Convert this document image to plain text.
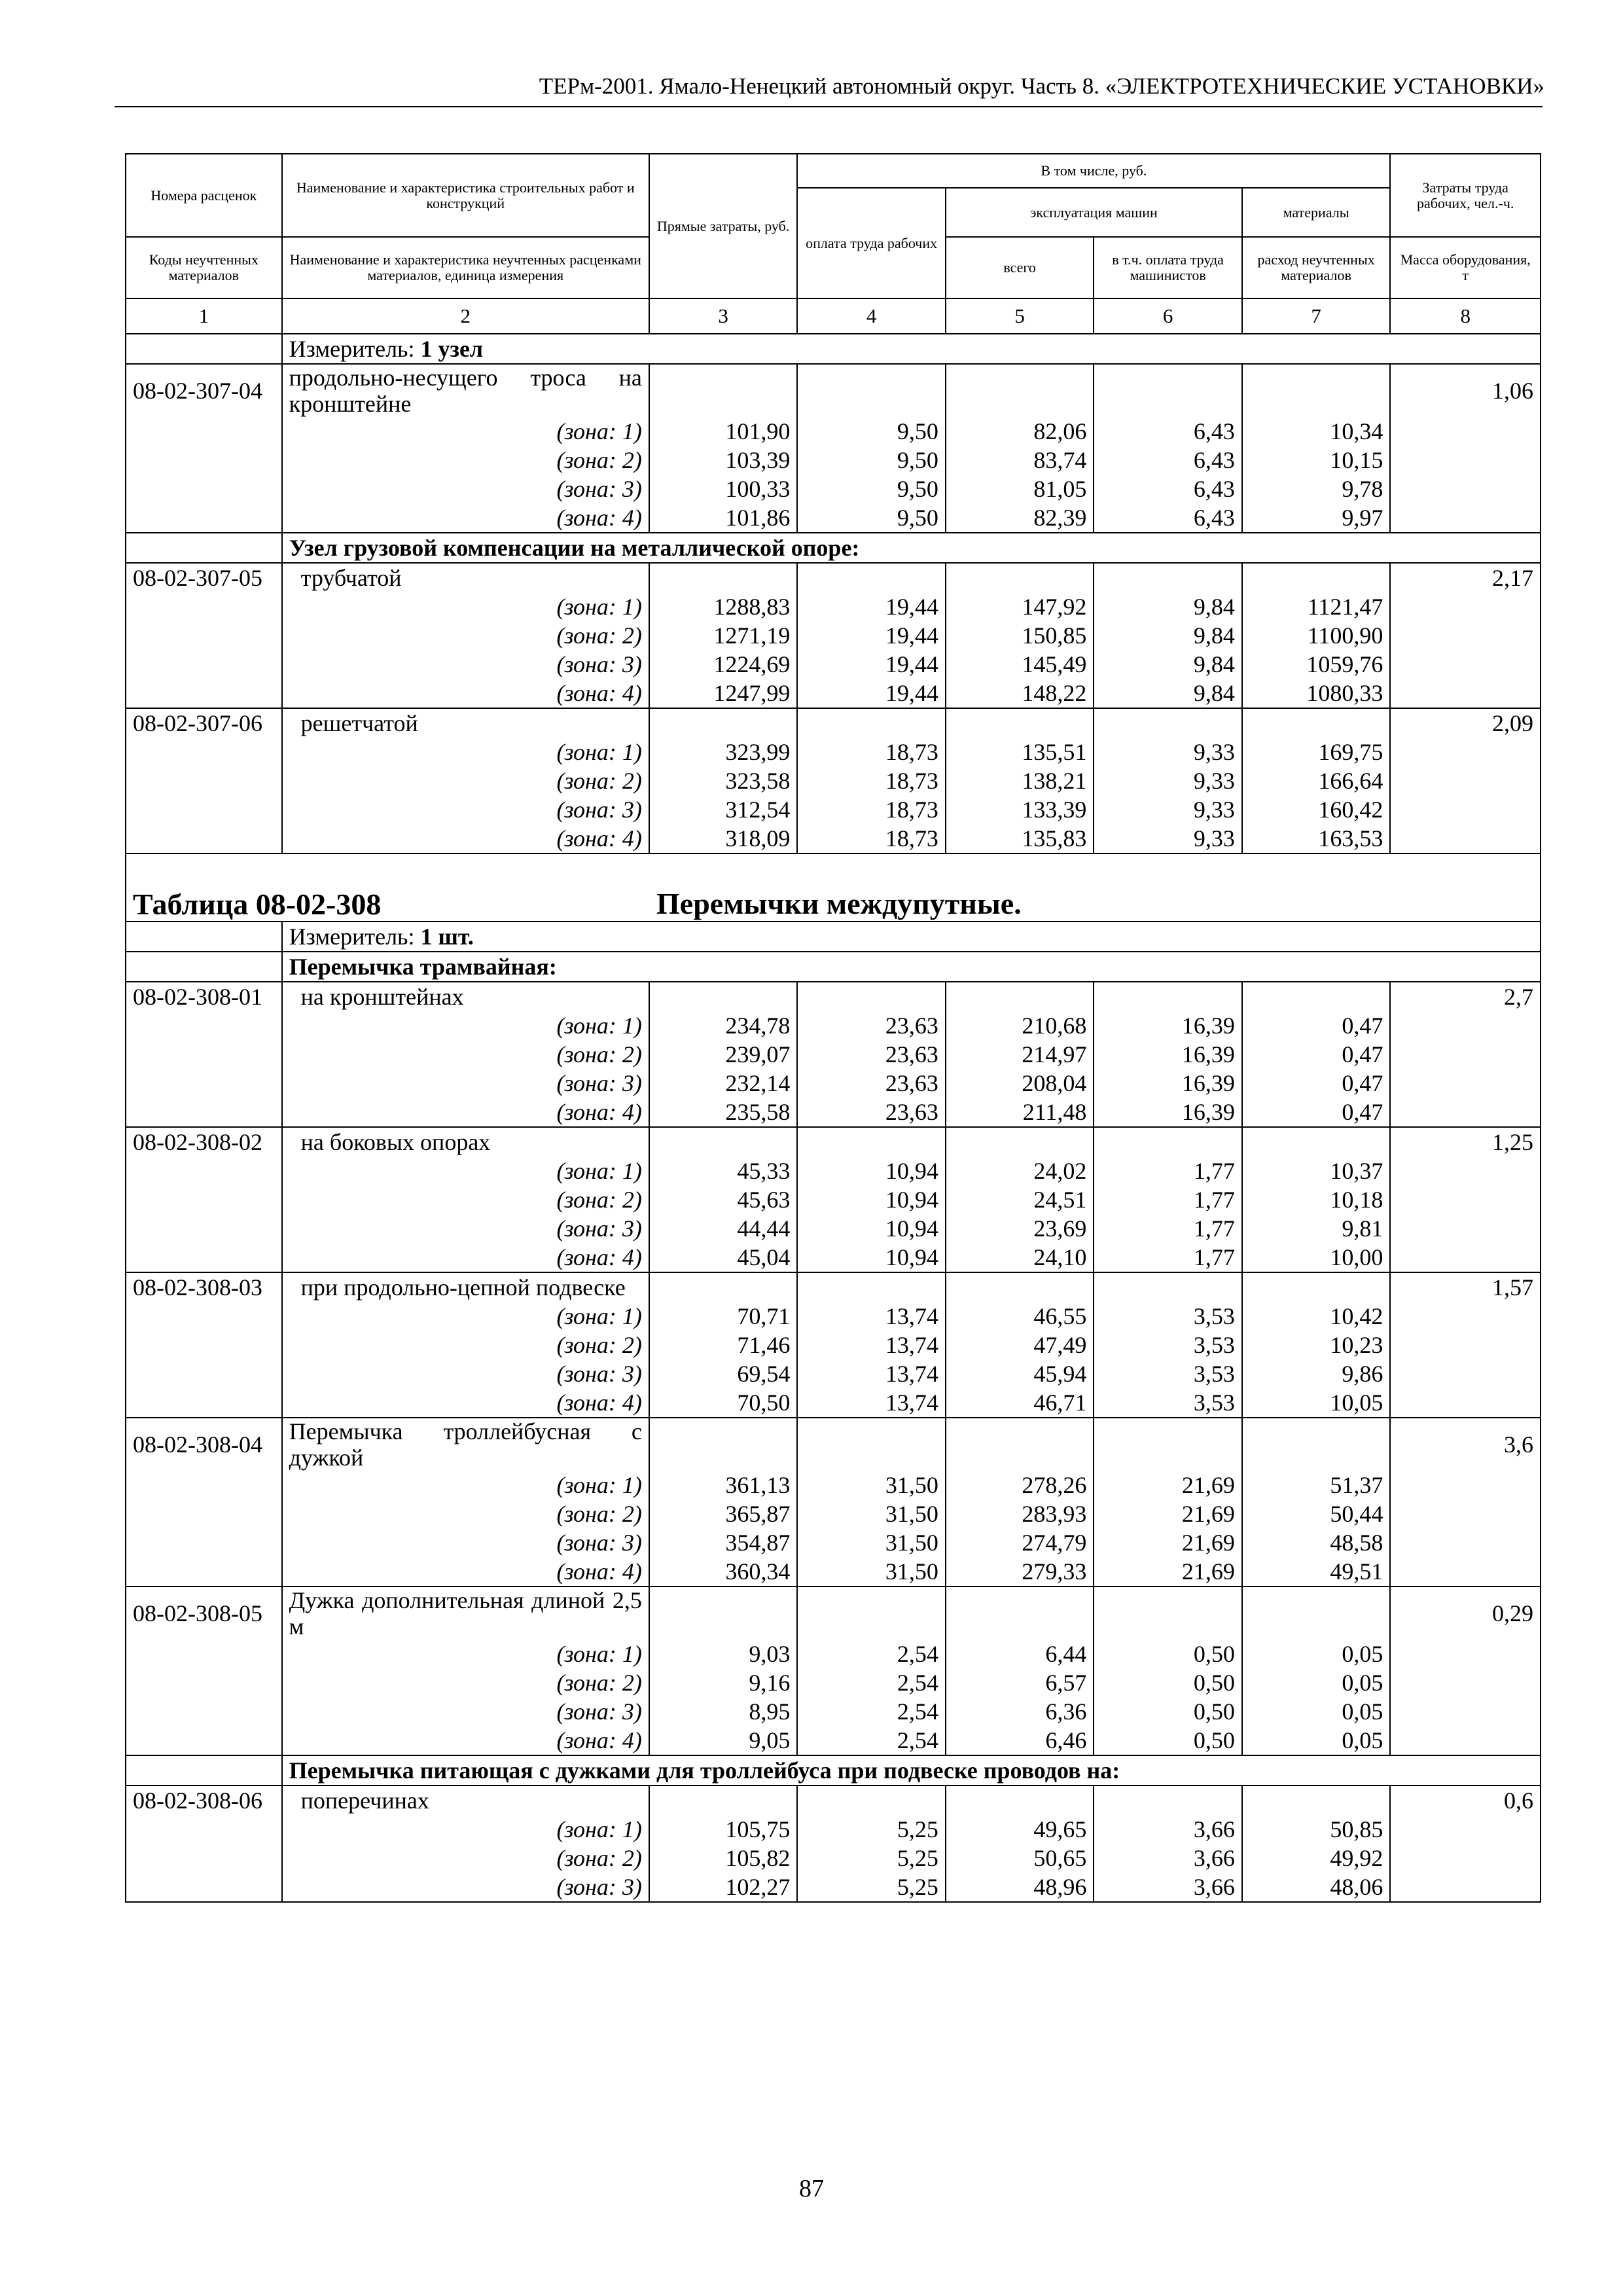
ТЕРм-2001. Ямало-Ненецкий автономный округ. Часть 8. «ЭЛЕКТРОТЕХНИЧЕСКИЕ УСТАНОВКИ»
Номера расценок	Наименование и характеристика строительных работ и конструкций	Прямые затраты, руб.	В том числе, руб.				Затраты труда рабочих, чел.-ч.
			оплата труда рабочих	эксплуатация машин		материалы	
Коды неучтенных материалов	Наименование и характеристика неучтенных расценками материалов, единица измерения			всего	в т.ч. оплата труда машинистов	расход неучтенных материалов	Масса оборудования, т
1	2	3	4	5	6	7	8
	Измеритель: 1 узел						
08-02-307-04	продольно-несущего троса на кронштейне						1,06
	(зона: 1)	101,90	9,50	82,06	6,43	10,34	
	(зона: 2)	103,39	9,50	83,74	6,43	10,15	
	(зона: 3)	100,33	9,50	81,05	6,43	9,78	
	(зона: 4)	101,86	9,50	82,39	6,43	9,97	
	Узел грузовой компенсации на металлической опоре:						
08-02-307-05	трубчатой						2,17
	(зона: 1)	1288,83	19,44	147,92	9,84	1121,47	
	(зона: 2)	1271,19	19,44	150,85	9,84	1100,90	
	(зона: 3)	1224,69	19,44	145,49	9,84	1059,76	
	(зона: 4)	1247,99	19,44	148,22	9,84	1080,33	
08-02-307-06	решетчатой						2,09
	(зона: 1)	323,99	18,73	135,51	9,33	169,75	
	(зона: 2)	323,58	18,73	138,21	9,33	166,64	
	(зона: 3)	312,54	18,73	133,39	9,33	160,42	
	(зона: 4)	318,09	18,73	135,83	9,33	163,53	
Таблица 08-02-308 Перемычки междупутные.							

	Измеритель: 1 шт.						
	Перемычка трамвайная:						
08-02-308-01	на кронштейнах						2,7
	(зона: 1)	234,78	23,63	210,68	16,39	0,47	
	(зона: 2)	239,07	23,63	214,97	16,39	0,47	
	(зона: 3)	232,14	23,63	208,04	16,39	0,47	
	(зона: 4)	235,58	23,63	211,48	16,39	0,47	
08-02-308-02	на боковых опорах						1,25
	(зона: 1)	45,33	10,94	24,02	1,77	10,37	
	(зона: 2)	45,63	10,94	24,51	1,77	10,18	
	(зона: 3)	44,44	10,94	23,69	1,77	9,81	
	(зона: 4)	45,04	10,94	24,10	1,77	10,00	
08-02-308-03	при продольно-цепной подвеске						1,57
	(зона: 1)	70,71	13,74	46,55	3,53	10,42	
	(зона: 2)	71,46	13,74	47,49	3,53	10,23	
	(зона: 3)	69,54	13,74	45,94	3,53	9,86	
	(зона: 4)	70,50	13,74	46,71	3,53	10,05	
08-02-308-04	Перемычка троллейбусная с дужкой						3,6
	(зона: 1)	361,13	31,50	278,26	21,69	51,37	
	(зона: 2)	365,87	31,50	283,93	21,69	50,44	
	(зона: 3)	354,87	31,50	274,79	21,69	48,58	
	(зона: 4)	360,34	31,50	279,33	21,69	49,51	
08-02-308-05	Дужка дополнительная длиной 2,5 м						0,29
	(зона: 1)	9,03	2,54	6,44	0,50	0,05	
	(зона: 2)	9,16	2,54	6,57	0,50	0,05	
	(зона: 3)	8,95	2,54	6,36	0,50	0,05	
	(зона: 4)	9,05	2,54	6,46	0,50	0,05	
	Перемычка питающая с дужками для троллейбуса при подвеске проводов на:						
08-02-308-06	поперечинах						0,6
	(зона: 1)	105,75	5,25	49,65	3,66	50,85	
	(зона: 2)	105,82	5,25	50,65	3,66	49,92	
	(зона: 3)	102,27	5,25	48,96	3,66	48,06	
87
